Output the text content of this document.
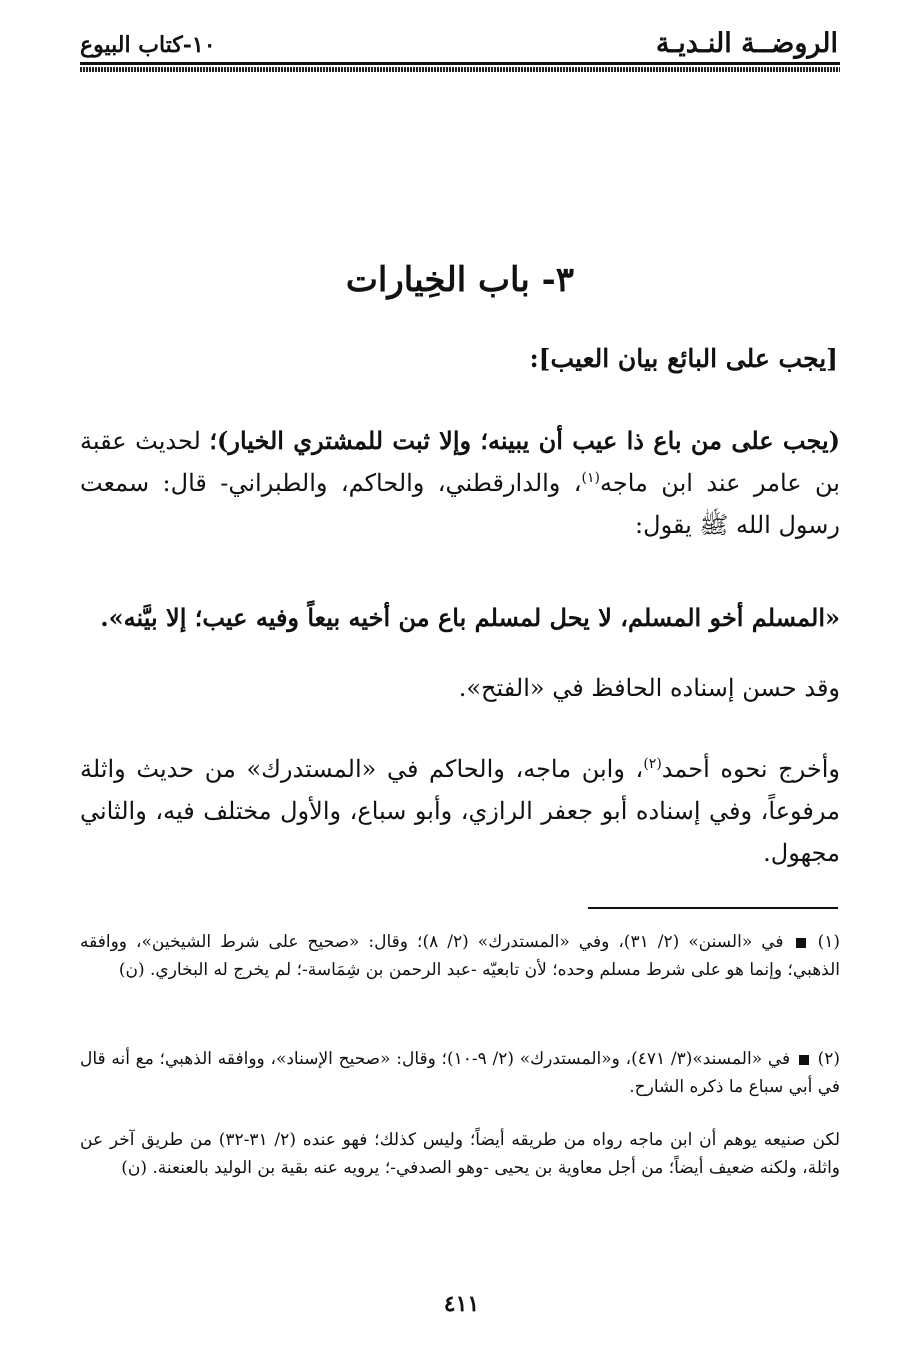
الروضــة النـديـة
١٠-كتاب البيوع
٣- باب الخِيارات
[يجب على البائع بيان العيب]:
(يجب على من باع ذا عيب أن يبينه؛ وإلا ثبت للمشتري الخيار)؛ لحديث عقبة بن عامر عند ابن ماجه$^{(١)}$، والدارقطني، والحاكم، والطبراني- قال: سمعت رسول الله ﷺ يقول:
«المسلم أخو المسلم، لا يحل لمسلم باع من أخيه بيعاً وفيه عيب؛ إلا بيَّنه».
وقد حسن إسناده الحافظ في «الفتح».
وأخرج نحوه أحمد$^{(٢)}$، وابن ماجه، والحاكم في «المستدرك» من حديث واثلة مرفوعاً، وفي إسناده أبو جعفر الرازي، وأبو سباع، والأول مختلف فيه، والثاني مجهول.
(١)  في «السنن» (٢/ ٣١)، وفي «المستدرك» (٢/ ٨)؛ وقال: «صحيح على شرط الشيخين»، ووافقه الذهبي؛ وإنما هو على شرط مسلم وحده؛ لأن تابعيّه -عبد الرحمن بن شِمَاسة-؛ لم يخرج له البخاري. (ن)
(٢)  في «المسند»(٣/ ٤٧١)، و«المستدرك» (٢/ ٩-١٠)؛ وقال: «صحيح الإسناد»، ووافقه الذهبي؛ مع أنه قال في أبي سباع ما ذكره الشارح.
لكن صنيعه يوهم أن ابن ماجه رواه من طريقه أيضاً؛ وليس كذلك؛ فهو عنده (٢/ ٣١-٣٢) من طريق آخر عن واثلة، ولكنه ضعيف أيضاً؛ من أجل معاوية بن يحيى -وهو الصدفي-؛ يرويه عنه بقية بن الوليد بالعنعنة. (ن)
٤١١
